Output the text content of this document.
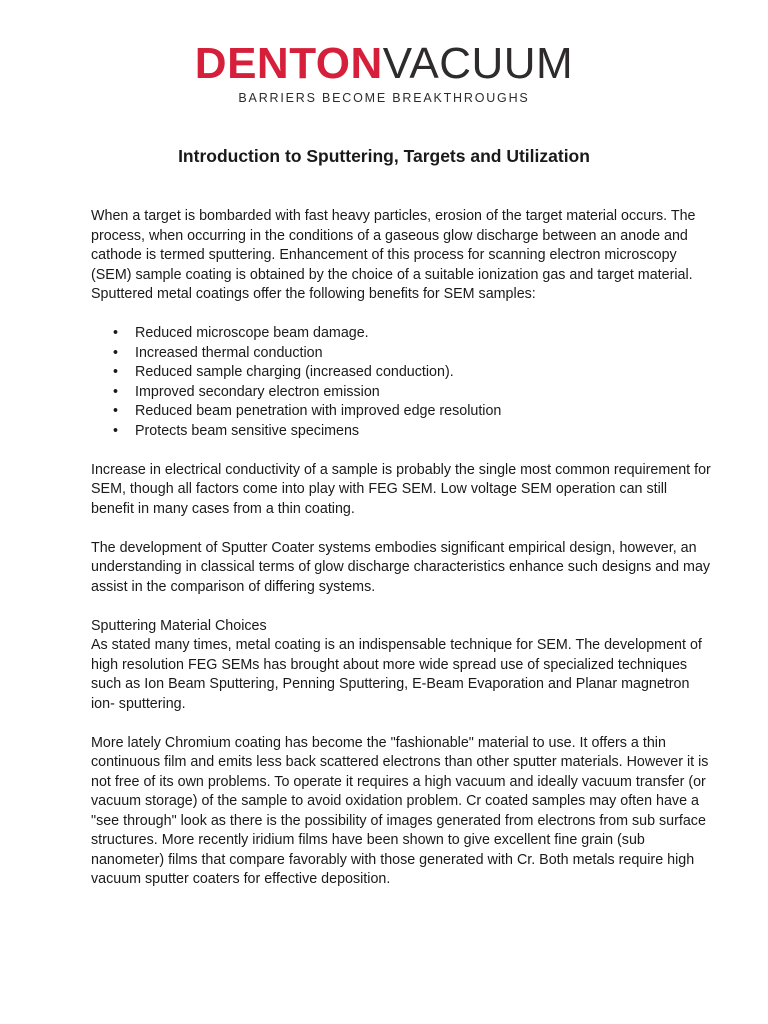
DENTONVACUUM
BARRIERS BECOME BREAKTHROUGHS
Introduction to Sputtering, Targets and Utilization

When a target is bombarded with fast heavy particles, erosion of the target material occurs. The process, when occurring in the conditions of a gaseous glow discharge between an anode and cathode is termed sputtering. Enhancement of this process for scanning electron microscopy (SEM) sample coating is obtained by the choice of a suitable ionization gas and target material. Sputtered metal coatings offer the following benefits for SEM samples:

• Reduced microscope beam damage.
• Increased thermal conduction
• Reduced sample charging (increased conduction).
• Improved secondary electron emission
• Reduced beam penetration with improved edge resolution
• Protects beam sensitive specimens

Increase in electrical conductivity of a sample is probably the single most common requirement for SEM, though all factors come into play with FEG SEM. Low voltage SEM operation can still benefit in many cases from a thin coating.

The development of Sputter Coater systems embodies significant empirical design, however, an understanding in classical terms of glow discharge characteristics enhance such designs and may assist in the comparison of differing systems.

Sputtering Material Choices

As stated many times, metal coating is an indispensable technique for SEM. The development of high resolution FEG SEMs has brought about more wide spread use of specialized techniques such as Ion Beam Sputtering, Penning Sputtering, E-Beam Evaporation and Planar magnetron ion- sputtering.

More lately Chromium coating has become the "fashionable" material to use. It offers a thin continuous film and emits less back scattered electrons than other sputter materials. However it is not free of its own problems. To operate it requires a high vacuum and ideally vacuum transfer (or vacuum storage) of the sample to avoid oxidation problem. Cr coated samples may often have a "see through" look as there is the possibility of images generated from electrons from sub surface structures. More recently iridium films have been shown to give excellent fine grain (sub nanometer) films that compare favorably with those generated with Cr. Both metals require high vacuum sputter coaters for effective deposition.
